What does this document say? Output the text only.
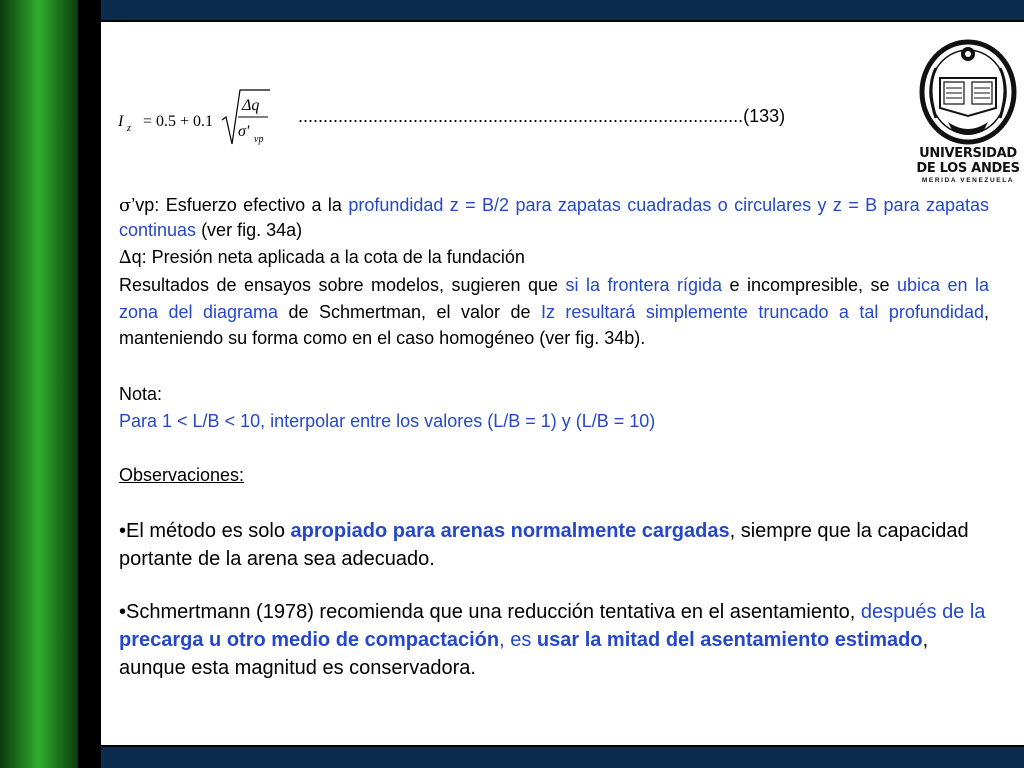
I z = 0.5 + 0.1
Δq
σ' vp
.........................................................................................(133)
UNIVERSIDAD
DE LOS ANDES
MERIDA VENEZUELA

σ’vp: Esfuerzo efectivo a la profundidad z = B/2 para zapatas cuadradas o circulares y z = B para zapatas continuas (ver fig. 34a)

∆q: Presión neta aplicada a la cota de la fundación

Resultados de ensayos sobre modelos, sugieren que si la frontera rígida e incompresible, se ubica en la zona del diagrama de Schmertman, el valor de Iz resultará simplemente truncado a tal profundidad, manteniendo su forma como en el caso homogéneo (ver fig. 34b).

Nota:
Para 1 < L/B < 10, interpolar entre los valores (L/B = 1) y (L/B = 10)
Observaciones:
•El método es solo apropiado para arenas normalmente cargadas, siempre que la capacidad portante de la arena sea adecuado.
•Schmertmann (1978) recomienda que una reducción tentativa en el asentamiento, después de la precarga u otro medio de compactación, es usar la mitad del asentamiento estimado, aunque esta magnitud es conservadora.
